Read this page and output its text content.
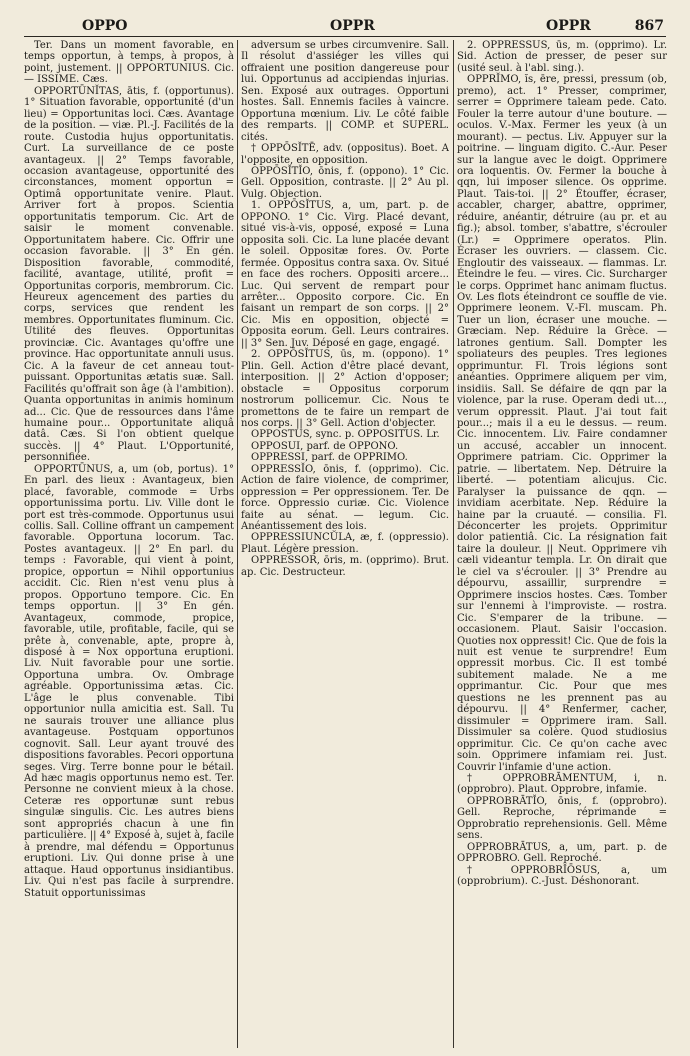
OPPO	OPPR	OPPR	867

Ter. Dans un moment favorable, en temps opportun, à temps, à propos, à point, justement. || OPPORTUNIUS. Cic. — ISSIME. Cæs.

OPPORTŪNĬTAS, ātis, f. (opportunus). 1° Situation favorable, opportunité (d'un lieu) = Opportunitas loci. Cæs. Avantage de la position. — viæ. Pl.-J. Facilités de la route. Custodia hujus opportunitatis. Curt. La surveillance de ce poste avantageux. || 2° Temps favorable, occasion avantageuse, opportunité des circonstances, moment opportun = Optimâ opportunitate venire. Plaut. Arriver fort à propos. Scientia opportunitatis temporum. Cic. Art de saisir le moment convenable. Opportunitatem habere. Cic. Offrir une occasion favorable. || 3° En gén. Disposition favorable, commodité, facilité, avantage, utilité, profit = Opportunitas corporis, membrorum. Cic. Heureux agencement des parties du corps, services que rendent les membres. Opportunitates fluminum. Cic. Utilité des fleuves. Opportunitas provinciæ. Cic. Avantages qu'offre une province. Hac opportunitate annuli usus. Cic. A la faveur de cet anneau tout-puissant. Opportunitas ætatis suæ. Sall. Facilités qu'offrait son âge (à l'ambition). Quanta opportunitas in animis hominum ad... Cic. Que de ressources dans l'âme humaine pour... Opportunitate aliquâ datâ. Cæs. Si l'on obtient quelque succès. || 4° Plaut. L'Opportunité, personnifiée.

OPPORTŪNUS, a, um (ob, portus). 1° En parl. des lieux : Avantageux, bien placé, favorable, commode = Urbs opportunissima portu. Liv. Ville dont le port est très-commode. Opportunus usui collis. Sall. Colline offrant un campement favorable. Opportuna locorum. Tac. Postes avantageux. || 2° En parl. du temps : Favorable, qui vient à point, propice, opportun = Nihil opportunius accidit. Cic. Rien n'est venu plus à propos. Opportuno tempore. Cic. En temps opportun. || 3° En gén. Avantageux, commode, propice, favorable, utile, profitable, facile, qui se prête à, convenable, apte, propre à, disposé à = Nox opportuna eruptioni. Liv. Nuit favorable pour une sortie. Opportuna umbra. Ov. Ombrage agréable. Opportunissima ætas. Cic. L'âge le plus convenable. Tibi opportunior nulla amicitia est. Sall. Tu ne saurais trouver une alliance plus avantageuse. Postquam opportunos cognovit. Sall. Leur ayant trouvé des dispositions favorables. Pecori opportuna seges. Virg. Terre bonne pour le bétail. Ad hæc magis opportunus nemo est. Ter. Personne ne convient mieux à la chose. Ceteræ res opportunæ sunt rebus singulæ singulis. Cic. Les autres biens sont appropriés chacun à une fin particulière. || 4° Exposé à, sujet à, facile à prendre, mal défendu = Opportunus eruptioni. Liv. Qui donne prise à une attaque. Haud opportunus insidiantibus. Liv. Qui n'est pas facile à surprendre. Statuit opportunissimas

adversum se urbes circumvenire. Sall. Il résolut d'assiéger les villes qui offraient une position dangereuse pour lui. Opportunus ad accipiendas injurias. Sen. Exposé aux outrages. Opportuni hostes. Sall. Ennemis faciles à vaincre. Opportuna mœnium. Liv. Le côté faible des remparts. || COMP. et SUPERL. cités.

† OPPŌSĬTĒ, adv. (oppositus). Boet. A l'opposite, en opposition.

OPPŌSĬTĬO, ōnis, f. (oppono). 1° Cic. Gell. Opposition, contraste. || 2° Au pl. Vulg. Objection.

1. OPPŌSĬTUS, a, um, part. p. de OPPONO. 1° Cic. Virg. Placé devant, situé vis-à-vis, opposé, exposé = Luna opposita soli. Cic. La lune placée devant le soleil. Oppositæ fores. Ov. Porte fermée. Oppositus contra saxa. Ov. Situé en face des rochers. Oppositi arcere... Luc. Qui servent de rempart pour arrêter... Opposito corpore. Cic. En faisant un rempart de son corps. || 2° Cic. Mis en opposition, objecté = Opposita eorum. Gell. Leurs contraires. || 3° Sen. Juv. Déposé en gage, engagé.

2. OPPŌSĬTUS, ūs, m. (oppono). 1° Plin. Gell. Action d'être placé devant, interposition. || 2° Action d'opposer; obstacle = Oppositus corporum nostrorum pollicemur. Cic. Nous te promettons de te faire un rempart de nos corps. || 3° Gell. Action d'objecter.

OPPOSTUS, sync. p. OPPOSITUS. Lr.

OPPOSUI, parf. de OPPONO.

OPPRESSI, parf. de OPPRIMO.

OPPRESSĬO, ōnis, f. (opprimo). Cic. Action de faire violence, de comprimer, oppression = Per oppressionem. Ter. De force. Oppressio curiæ. Cic. Violence faite au sénat. — legum. Cic. Anéantissement des lois.

OPPRESSIUNCŬLA, æ, f. (oppressio). Plaut. Légère pression.

OPPRESSOR, ōris, m. (opprimo). Brut. ap. Cic. Destructeur.

2. OPPRESSUS, ūs, m. (opprimo). Lr. Sid. Action de presser, de peser sur (usité seul. à l'abl. sing.).

OPPRĬMO, ĭs, ēre, pressi, pressum (ob, premo), act. 1° Presser, comprimer, serrer = Opprimere taleam pede. Cato. Fouler la terre autour d'une bouture. — oculos. V.-Max. Fermer les yeux (à un mourant). — pectus. Liv. Appuyer sur la poitrine. — linguam digito. C.-Aur. Peser sur la langue avec le doigt. Opprimere ora loquentis. Ov. Fermer la bouche à qqn, lui imposer silence. Os opprime. Plaut. Tais-toi. || 2° Étouffer, écraser, accabler, charger, abattre, opprimer, réduire, anéantir, détruire (au pr. et au fig.); absol. tomber, s'abattre, s'écrouler (Lr.) = Opprimere operatos. Plin. Écraser les ouvriers. — classem. Cic. Engloutir des vaisseaux. — flammas. Lr. Éteindre le feu. — vires. Cic. Surcharger le corps. Opprimet hanc animam fluctus. Ov. Les flots éteindront ce souffle de vie. Opprimere leonem. V.-Fl. muscam. Ph. Tuer un lion, écraser une mouche. — Græciam. Nep. Réduire la Grèce. — latrones gentium. Sall. Dompter les spoliateurs des peuples. Tres legiones opprimuntur. Fl. Trois légions sont anéanties. Opprimere aliquem per vim, insidiis. Sall. Se défaire de qqn par la violence, par la ruse. Operam dedi ut..., verum oppressit. Plaut. J'ai tout fait pour...; mais il a eu le dessus. — reum. Cic. innocentem. Liv. Faire condamner un accusé, accabler un innocent. Opprimere patriam. Cic. Opprimer la patrie. — libertatem. Nep. Détruire la liberté. — potentiam alicujus. Cic. Paralyser la puissance de qqn. — invidiam acerbitate. Nep. Réduire la haine par la cruauté. — consilia. Fl. Déconcerter les projets. Opprimitur dolor patientiâ. Cic. La résignation fait taire la douleur. || Neut. Opprimere vih cæli videantur templa. Lr. On dirait que le ciel va s'écrouler. || 3° Prendre au dépourvu, assaillir, surprendre = Opprimere inscios hostes. Cæs. Tomber sur l'ennemi à l'improviste. — rostra. Cic. S'emparer de la tribune. — occasionem. Plaut. Saisir l'occasion. Quoties nox oppressit! Cic. Que de fois la nuit est venue te surprendre! Eum oppressit morbus. Cic. Il est tombé subitement malade. Ne a me opprimantur. Cic. Pour que mes questions ne les prennent pas au dépourvu. || 4° Renfermer, cacher, dissimuler = Opprimere iram. Sall. Dissimuler sa colère. Quod studiosius opprimitur. Cic. Ce qu'on cache avec soin. Opprimere infamiam rei. Just. Couvrir l'infamie d'une action.

† OPPROBRĀMENTUM, i, n. (opprobro). Plaut. Opprobre, infamie.

OPPROBRĀTĬO, ōnis, f. (opprobro). Gell. Reproche, réprimande = Opprobratio reprehensionis. Gell. Même sens.

OPPROBRĀTUS, a, um, part. p. de OPPROBRO. Gell. Reproché.

† OPPROBRĬŌSUS, a, um (opprobrium). C.-Just. Déshonorant.
